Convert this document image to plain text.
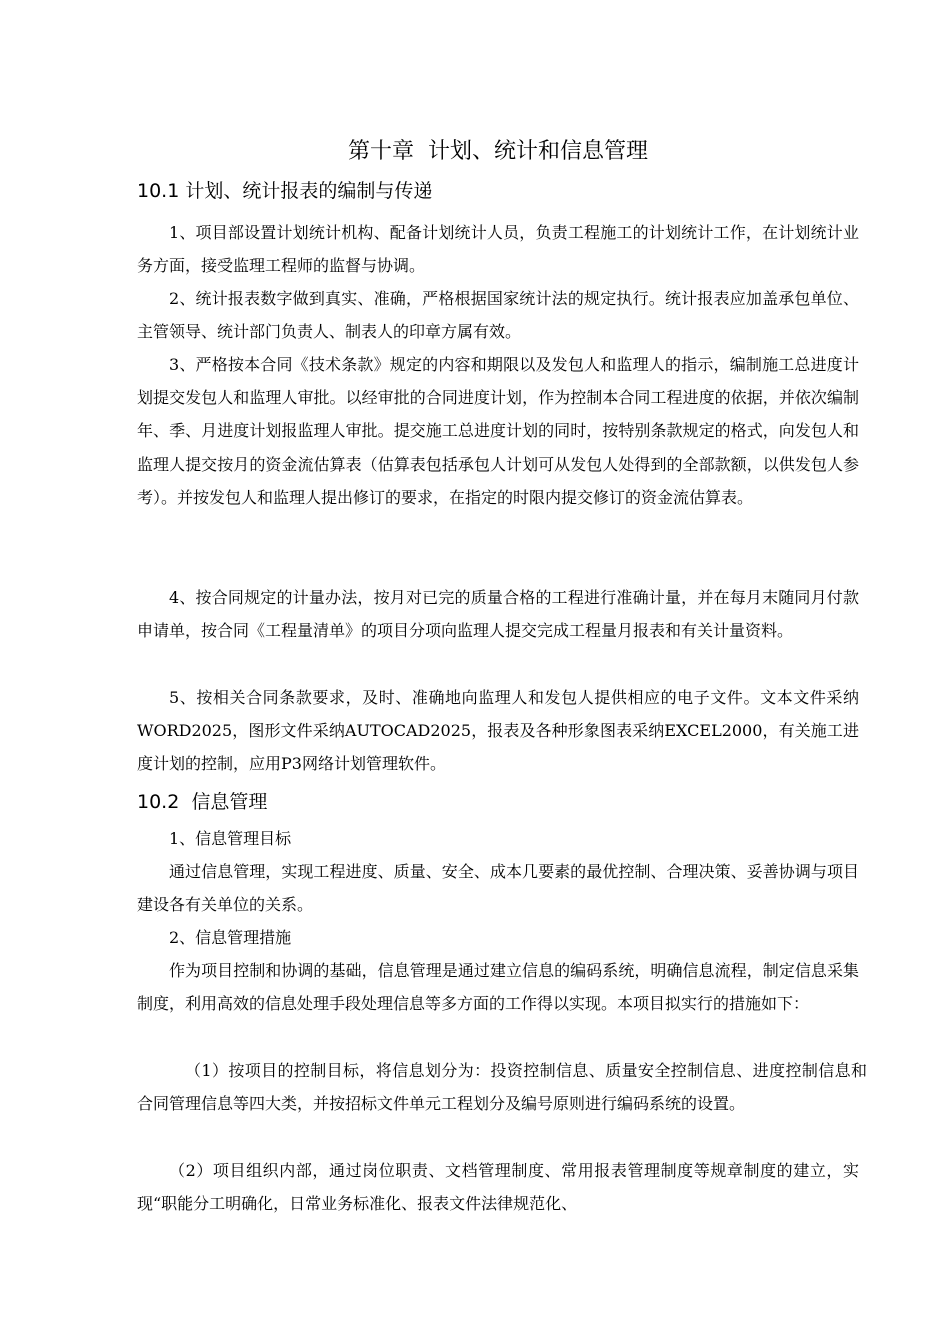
第十章  计划、统计和信息管理
10.1 计划、统计报表的编制与传递

1、项目部设置计划统计机构、配备计划统计人员，负责工程施工的计划统计工作，在计划统计业务方面，接受监理工程师的监督与协调。

2、统计报表数字做到真实、准确，严格根据国家统计法的规定执行。统计报表应加盖承包单位、主管领导、统计部门负责人、制表人的印章方属有效。

3、严格按本合同《技术条款》规定的内容和期限以及发包人和监理人的指示，编制施工总进度计划提交发包人和监理人审批。以经审批的合同进度计划，作为控制本合同工程进度的依据，并依次编制年、季、月进度计划报监理人审批。提交施工总进度计划的同时，按特别条款规定的格式，向发包人和监理人提交按月的资金流估算表（估算表包括承包人计划可从发包人处得到的全部款额，以供发包人参考）。并按发包人和监理人提出修订的要求，在指定的时限内提交修订的资金流估算表。

4、按合同规定的计量办法，按月对已完的质量合格的工程进行准确计量，并在每月末随同月付款申请单，按合同《工程量清单》的项目分项向监理人提交完成工程量月报表和有关计量资料。

5、按相关合同条款要求，及时、准确地向监理人和发包人提供相应的电子文件。文本文件采纳WORD2025，图形文件采纳AUTOCAD2025，报表及各种形象图表采纳EXCEL2000，有关施工进度计划的控制，应用P3网络计划管理软件。

10.2  信息管理

1、信息管理目标

通过信息管理，实现工程进度、质量、安全、成本几要素的最优控制、合理决策、妥善协调与项目建设各有关单位的关系。

2、信息管理措施

作为项目控制和协调的基础，信息管理是通过建立信息的编码系统，明确信息流程，制定信息采集制度，利用高效的信息处理手段处理信息等多方面的工作得以实现。本项目拟实行的措施如下：

（1）按项目的控制目标，将信息划分为：投资控制信息、质量安全控制信息、进度控制信息和合同管理信息等四大类，并按招标文件单元工程划分及编号原则进行编码系统的设置。

（2）项目组织内部，通过岗位职责、文档管理制度、常用报表管理制度等规章制度的建立，实现“职能分工明确化，日常业务标准化、报表文件法律规范化、
